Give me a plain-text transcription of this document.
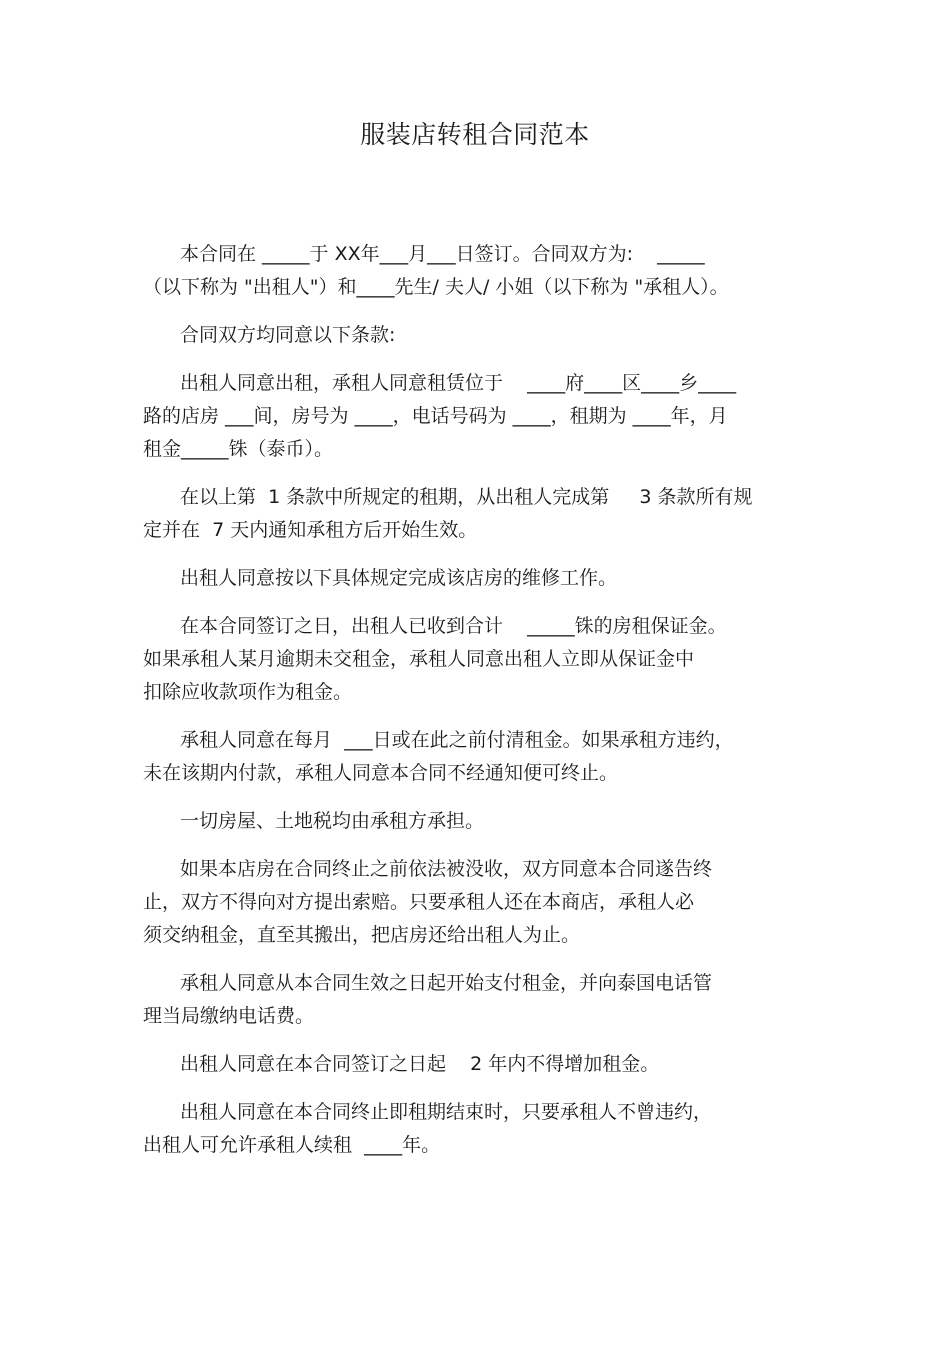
服装店转租合同范本

本合同在 _____于 XX年___月___日签订。合同双方为:    _____
（以下称为 "出租人"）和____先生/ 夫人/ 小姐（以下称为 "承租人）。

合同双方均同意以下条款:

出租人同意出租，承租人同意租赁位于    ____府____区____乡____
路的店房 ___间，房号为 ____，电话号码为 ____，租期为 ____年，月
租金_____铢（泰币）。

在以上第  1 条款中所规定的租期，从出租人完成第     3 条款所有规
定并在  7 天内通知承租方后开始生效。

出租人同意按以下具体规定完成该店房的维修工作。

在本合同签订之日，出租人已收到合计    _____铢的房租保证金。
如果承租人某月逾期未交租金，承租人同意出租人立即从保证金中
扣除应收款项作为租金。

承租人同意在每月  ___日或在此之前付清租金。如果承租方违约，
未在该期内付款，承租人同意本合同不经通知便可终止。

一切房屋、土地税均由承租方承担。

如果本店房在合同终止之前依法被没收，双方同意本合同遂告终
止，双方不得向对方提出索赔。只要承租人还在本商店，承租人必
须交纳租金，直至其搬出，把店房还给出租人为止。

承租人同意从本合同生效之日起开始支付租金，并向泰国电话管
理当局缴纳电话费。

出租人同意在本合同签订之日起    2 年内不得增加租金。

出租人同意在本合同终止即租期结束时，只要承租人不曾违约，
出租人可允许承租人续租  ____年。
